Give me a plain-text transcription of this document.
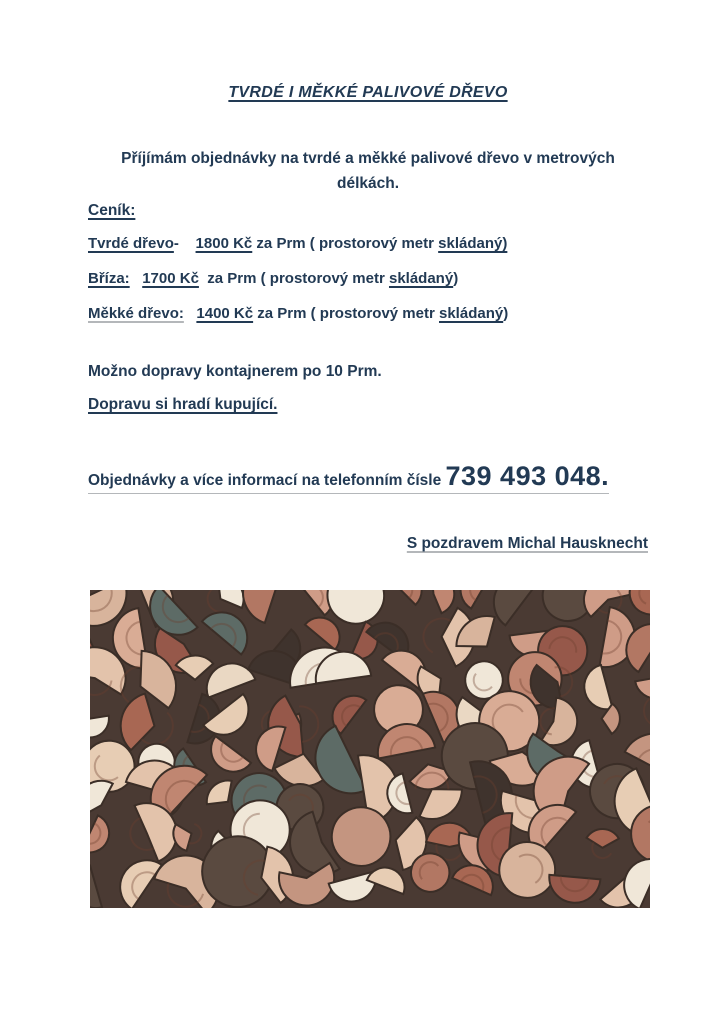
TVRDÉ I MĚKKÉ PALIVOVÉ DŘEVO
Příjímám objednávky na tvrdé a měkké palivové dřevo v metrových
délkách.
Ceník:
Tvrdé dřevo- 1800 Kč za Prm ( prostorový metr skládaný)
Bříza: 1700 Kč  za Prm ( prostorový metr skládaný)
Měkké dřevo: 1400 Kč za Prm ( prostorový metr skládaný)
Možno dopravy kontajnerem po 10 Prm.
Dopravu si hradí kupující.
Objednávky a více informací na telefonním čísle 739 493 048.
S pozdravem Michal Hausknecht
